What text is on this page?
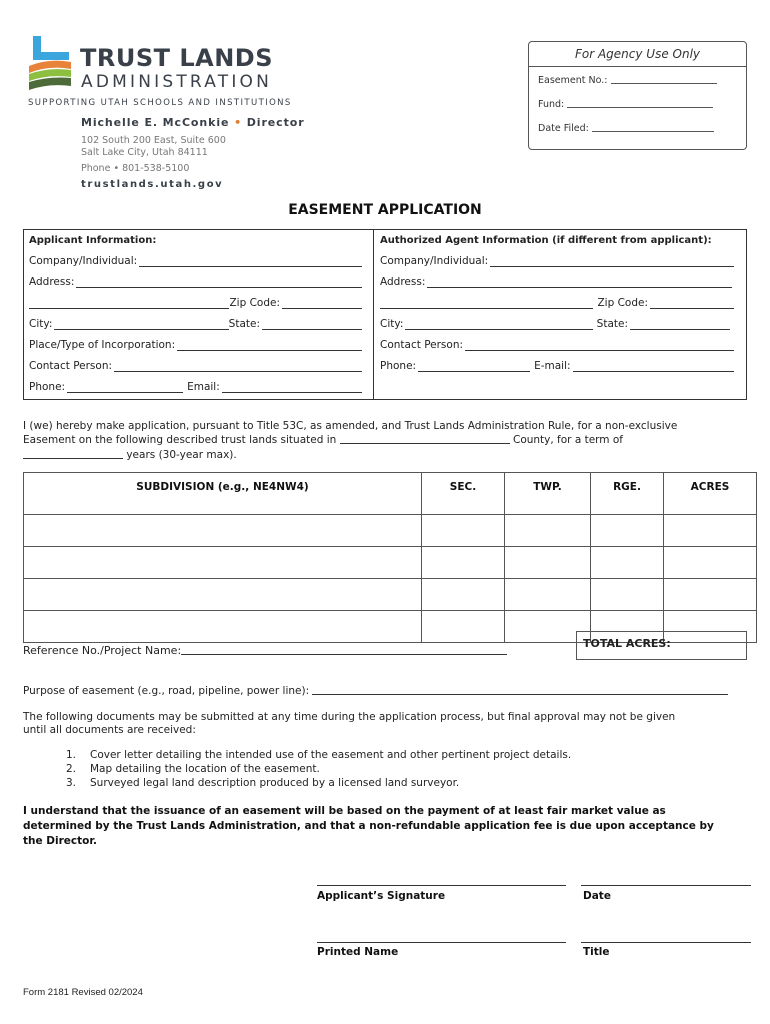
TRUST LANDS
ADMINISTRATION
SUPPORTING UTAH SCHOOLS AND INSTITUTIONS
Michelle E. McConkie • Director
102 South 200 East, Suite 600
Salt Lake City, Utah 84111
Phone • 801-538-5100
trustlands.utah.gov
For Agency Use Only
Easement No.:
Fund:
Date Filed:
EASEMENT APPLICATION
Applicant Information:
Company/Individual:
Address:
Zip Code:
City:	State:
Place/Type of Incorporation:
Contact Person:
Phone:	Email:
Authorized Agent Information (if different from applicant):
Company/Individual:
Address:
Zip Code:
City:	State:
Contact Person:
Phone:	E-mail:
I (we) hereby make application, pursuant to Title 53C, as amended, and Trust Lands Administration Rule, for a non-exclusive
Easement on the following described trust lands situated in	County, for a term of
years (30-year max).
SUBDIVISION (e.g., NE4NW4)	SEC.	TWP.	RGE.	ACRES

TOTAL ACRES:
Reference No./Project Name:
Purpose of easement (e.g., road, pipeline, power line):
The following documents may be submitted at any time during the application process, but final approval may not be given
until all documents are received:
1. Cover letter detailing the intended use of the easement and other pertinent project details.
2. Map detailing the location of the easement.
3. Surveyed legal land description produced by a licensed land surveyor.
I understand that the issuance of an easement will be based on the payment of at least fair market value as
determined by the Trust Lands Administration, and that a non-refundable application fee is due upon acceptance by
the Director.
Applicant’s Signature	Date
Printed Name	Title
Form 2181 Revised 02/2024
